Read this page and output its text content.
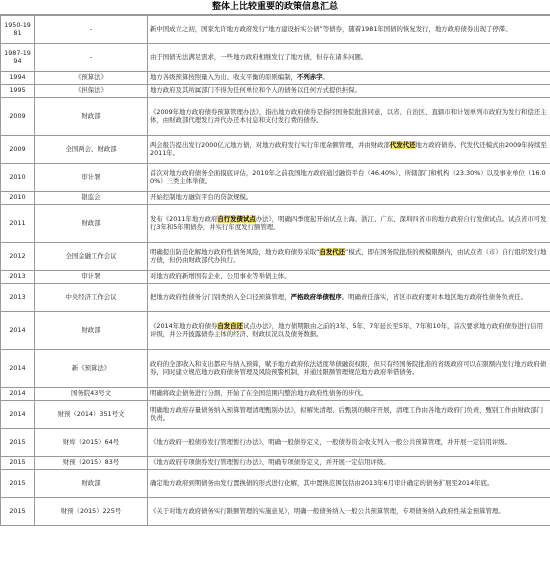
整体上比较重要的政策信息汇总
1950-1981	-	新中国成立之初，国家允许地方政府发行“地方建设折实公债”等债券，随着1981年国债的恢复发行，地方政府债券出现了停滞。
1987-1994	-	由于国债无法满足需求，一些地方政府相继发行了地方债，但存在诸多问题。
1994	《预算法》	地方各级预算按照量入为出、收支平衡的原则编制，不列赤字。
1995	《担保法》	地方政府及其所属部门不得为任何单位和个人的债务以任何方式提供担保。
2009	财政部	《2009年地方政府债券预算管理办法》，指出地方政府债券是指经国务院批准同意，以省、自治区、直辖市和计划单列市政府为发行和偿还主体，由财政部代理发行并代办还本付息和支付发行费的债券。
2009	全国两会、财政部	两会报告提出发行2000亿元地方债，对地方政府发行实行年度余额管理，并由财政部代发代还地方政府债券。代发代还模式由2009年持续至2011年。
2010	审计署	首次对地方政府债务全面摸底评估，2010年之前我国地方政府通过融资平台（46.40%）、所辖部门和机构（23.30%）以及事业单位（16.00%）三类主体举债。
2010	银监会	开始控制地方融资平台的贷款规模。
2011	财政部	发布《2011年地方政府自行发债试点办法》，明确四季度起开始试点上海、浙江、广东、深圳四省市的地方政府自行发债试点。试点省市可发行3年和5年期债券，并实行年度发行额管理。
2012	全国金融工作会议	明确提出防范化解地方政府性债务风险，地方政府债券采取“自发代还”模式，即在国务院批准的规模限额内，由试点省（市）自行组织发行地方债，但仍由财政部代办执行。
2013	审计署	对地方政府新增国有企业、公用事业等举债主体。
2013	中央经济工作会议	把地方政府性债务分门别类纳入全口径预算管理，严格政府举债程序。明确责任落实，省区市政府要对本地区地方政府性债务负责任。
2014	财政部	《2014年地方政府债券自发自还试点办法》，地方债期限由之前的3年、5年、7年延长至5年、7年和10年，首次要求地方政府债券进行信用评级，并公开披露债券主体的经济、财政状况以及债务数据。
2014	新《预算法》	政府的全部收入和支出都应当纳入预算，赋予地方政府依法适度举债融资权限，但只有经国务院批准的省级政府可以在限额内发行地方政府债券，同时建立规范地方政府债务管理及风险预警机制，并通过限额管理规范地方政府举借债务。
2014	国务院43号文	明确将政企债务进行分割，开始了在全国范围内整治地方政府性债务的步伐。
2014	财预（2014）351号文	明确地方政府存量债务纳入预算管理清理甄别办法》，拟解先清理、后甄别的顺序开展，清理工作由各地方政府门负责，甄别工作由财政部门负责。
2015	财库（2015）64号	《地方政府一般债券发行管理暂行办法》，明确一般债券定义，一般债券资金收支列入一般公共预算管理，并开展一定信用评级。
2015	财预（2015）83号	《地方政府专项债券发行管理暂行办法》，明确专项债券定义，并开展一定信用评级。
2015	财政部	确定地方政府到期债务由发行置换债的形式进行化解，其中置换范围包括由2013年6月审计确定的债务扩展至2014年底。
2015	财预（2015）225号	《关于对地方政府债务实行限额管理的实施意见》，明确一般债务纳入一般公共预算管理，专项债务纳入政府性基金预算管理。
